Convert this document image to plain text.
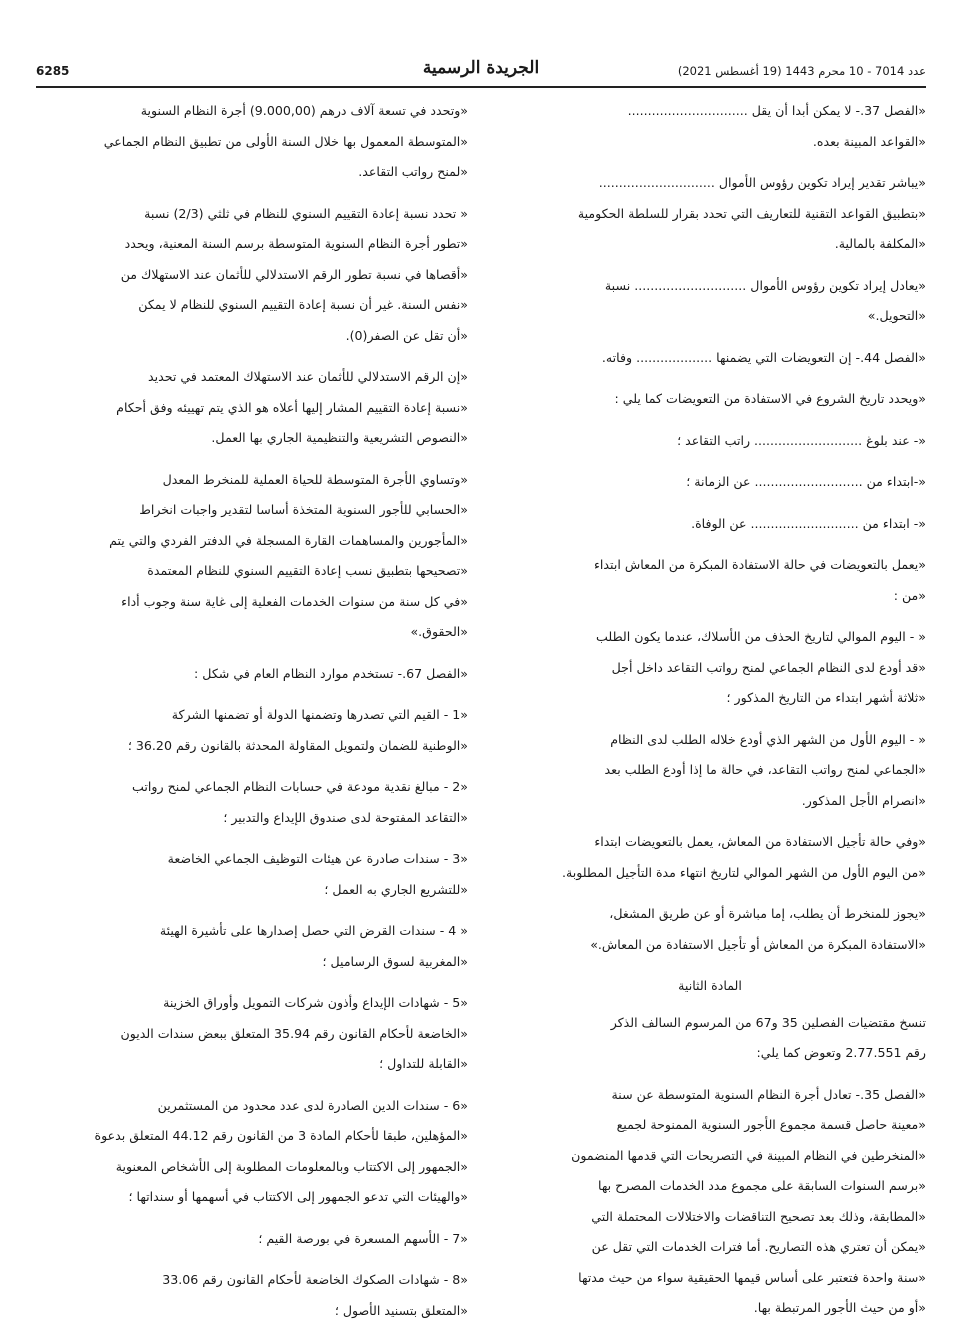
عدد 7014 - 10 محرم 1443 (19 أغسطس 2021)
الجريدة الرسمية
6285

«الفصل 37.- لا يمكن أبدا أن يقل ..............................
«القواعد المبينة بعده.

«يباشر تقدير إيراد تكوين رؤوس الأموال .............................
«بتطبيق القواعد التقنية للتعاريف التي تحدد بقرار للسلطة الحكومية
«المكلفة بالمالية.

«يعادل إيراد تكوين رؤوس الأموال ............................ نسبة
«التحويل.»

«الفصل 44.- إن التعويضات التي يضمنها ................... وفاته.

«ويحدد تاريخ الشروع في الاستفادة من التعويضات كما يلي :

«- عند بلوغ ........................... راتب التقاعد ؛

«-ابتداء من ........................... عن الزمانة ؛

«- ابتداء من ........................... عن الوفاة.

«يعمل بالتعويضات في حالة الاستفادة المبكرة من المعاش ابتداء
«من :

« - اليوم الموالي لتاريخ الحذف من الأسلاك، عندما يكون الطلب
«قد أودع لدى النظام الجماعي لمنح رواتب التقاعد داخل أجل
«ثلاثة أشهر ابتداء من التاريخ المذكور ؛

« - اليوم الأول من الشهر الذي أودع خلاله الطلب لدى النظام
«الجماعي لمنح رواتب التقاعد، في حالة ما إذا أودع الطلب بعد
«انصرام الأجل المذكور.

«وفي حالة تأجيل الاستفادة من المعاش، يعمل بالتعويضات ابتداء
«من اليوم الأول من الشهر الموالي لتاريخ انتهاء مدة التأجيل المطلوبة.

«يجوز للمنخرط أن يطلب، إما مباشرة أو عن طريق المشغل،
«الاستفادة المبكرة من المعاش أو تأجيل الاستفادة من المعاش.»

المادة الثانية

تنسخ مقتضيات الفصلين 35 و67 من المرسوم السالف الذكر
رقم 2.77.551 وتعوض كما يلي:

«الفصل 35.- تعادل أجرة النظام السنوية المتوسطة عن سنة
«معينة حاصل قسمة مجموع الأجور السنوية الممنوحة لجميع
«المنخرطين في النظام المبينة في التصريحات التي قدمها المنضمون
«برسم السنوات السابقة على مجموع مدد الخدمات المصرح بها
«المطابقة، وذلك بعد تصحيح التناقضات والاختلالات المحتملة التي
«يمكن أن تعتري هذه التصاريح. أما فترات الخدمات التي تقل عن
«سنة واحدة فتعتبر على أساس قيمها الحقيقية سواء من حيث مدتها
«أو من حيث الأجور المرتبطة بها.

«وتحدد في تسعة آلاف درهم (9.000,00) أجرة النظام السنوية
«المتوسطة المعمول بها خلال السنة الأولى من تطبيق النظام الجماعي
«لمنح رواتب التقاعد.

« تحدد نسبة إعادة التقييم السنوي للنظام في ثلثي (2/3) نسبة
«تطور أجرة النظام السنوية المتوسطة برسم السنة المعنية، ويحدد
«أقصاها في نسبة تطور الرقم الاستدلالي للأثمان عند الاستهلاك من
«نفس السنة. غير أن نسبة إعادة التقييم السنوي للنظام لا يمكن
«أن تقل عن الصفر(0).

«إن الرقم الاستدلالي للأثمان عند الاستهلاك المعتمد في تحديد
«نسبة إعادة التقييم المشار إليها أعلاه هو الذي يتم تهييئه وفق أحكام
«النصوص التشريعية والتنظيمية الجاري بها العمل.

«وتساوي الأجرة المتوسطة للحياة العملية للمنخرط المعدل
«الحسابي للأجور السنوية المتخذة أساسا لتقدير واجبات انخراط
«المأجورين والمساهمات القارة المسجلة في الدفتر الفردي والتي يتم
«تصحيحها بتطبيق نسب إعادة التقييم السنوي للنظام المعتمدة
«في كل سنة من سنوات الخدمات الفعلية إلى غاية سنة وجوب أداء
«الحقوق.»

«الفصل 67.- تستخدم موارد النظام العام في شكل :

«1 - القيم التي تصدرها وتضمنها الدولة أو تضمنها الشركة
«الوطنية للضمان ولتمويل المقاولة المحدثة بالقانون رقم 36.20 ؛

«2 - مبالغ نقدية مودعة في حسابات النظام الجماعي لمنح رواتب
«التقاعد المفتوحة لدى صندوق الإيداع والتدبير ؛

«3 - سندات صادرة عن هيئات التوظيف الجماعي الخاضعة
«للتشريع الجاري به العمل ؛

« 4 - سندات القرض التي حصل إصدارها على تأشيرة الهيئة
«المغربية لسوق الرساميل ؛

«5 - شهادات الإيداع وأذون شركات التمويل وأوراق الخزينة
«الخاضعة لأحكام القانون رقم 35.94 المتعلق ببعض سندات الديون
«القابلة للتداول ؛

«6 - سندات الدين الصادرة لدى عدد محدود من المستثمرين
«المؤهلين، طبقا لأحكام المادة 3 من القانون رقم 44.12 المتعلق بدعوة
«الجمهور إلى الاكتتاب وبالمعلومات المطلوبة إلى الأشخاص المعنوية
«والهيئات التي تدعو الجمهور إلى الاكتتاب في أسهمها أو سنداتها ؛

«7 - الأسهم المسعرة في بورصة القيم ؛

«8 - شهادات الصكوك الخاضعة لأحكام القانون رقم 33.06
«المتعلق بتسنيد الأصول ؛
